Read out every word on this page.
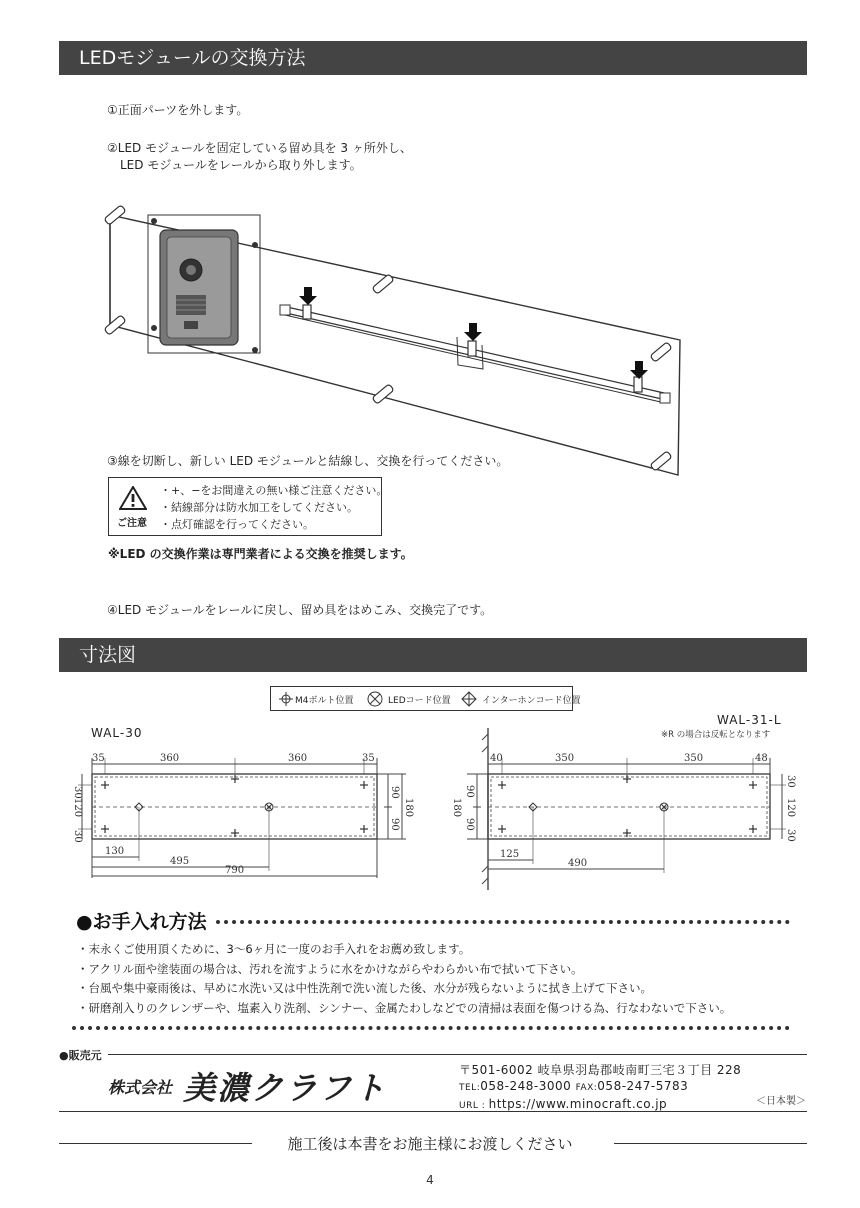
LEDモジュールの交換方法
①正面パーツを外します。
②LED モジュールを固定している留め具を 3 ヶ所外し、
LED モジュールをレールから取り外します。
③線を切断し、新しい LED モジュールと結線し、交換を行ってください。
ご注意
・+、−をお間違えの無い様ご注意ください。
・結線部分は防水加工をしてください。
・点灯確認を行ってください。
※LED の交換作業は専門業者による交換を推奨します。
④LED モジュールをレールに戻し、留め具をはめこみ、交換完了です。
寸法図
M4ボルト位置	LEDコード位置	インターホンコード位置
WAL-30
WAL-31-L
※R の場合は反転となります
35	360	360	35
30
120
30
90
90
180
130
495
790
40	350	350	48
90
90
180
30
120
30
125
490
●お手入れ方法
・末永くご使用頂くために、3〜6ヶ月に一度のお手入れをお薦め致します。
・アクリル面や塗装面の場合は、汚れを流すように水をかけながらやわらかい布で拭いて下さい。
・台風や集中豪雨後は、早めに水洗い又は中性洗剤で洗い流した後、水分が残らないように拭き上げて下さい。
・研磨剤入りのクレンザーや、塩素入り洗剤、シンナー、金属たわしなどでの清掃は表面を傷つける為、行なわないで下さい。
●販売元
株式会社 美濃クラフト	〒501-6002 岐阜県羽島郡岐南町三宅３丁目 228
TEL:058-248-3000 FAX:058-247-5783
URL : https://www.minocraft.co.jp	＜日本製＞
施工後は本書をお施主様にお渡しください
4
